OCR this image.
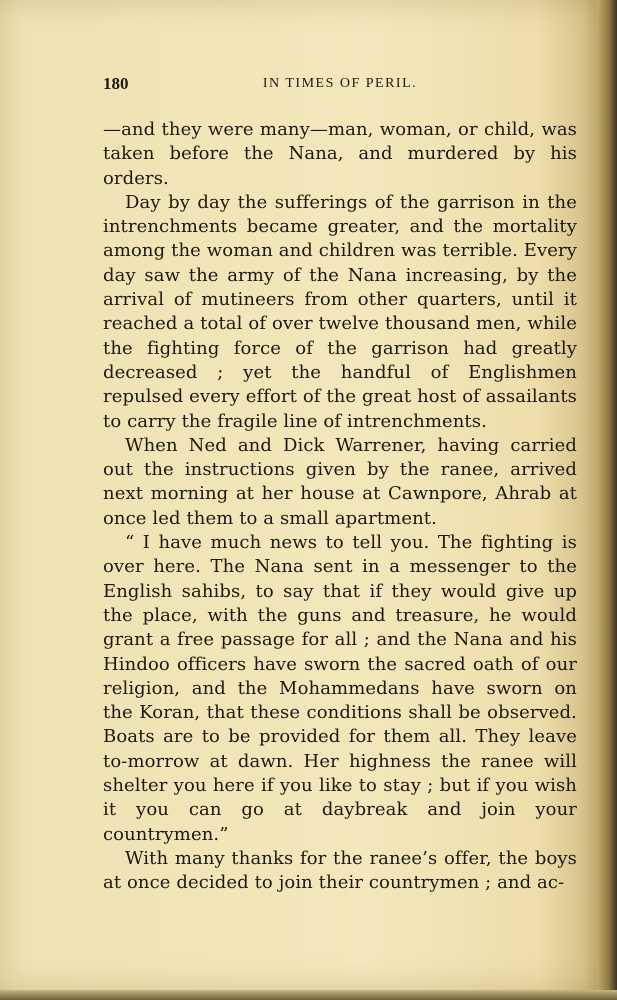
180	IN TIMES OF PERIL.

—and they were many—man, woman, or child, was taken before the Nana, and murdered by his orders.

Day by day the sufferings of the garrison in the intrenchments became greater, and the mortality among the woman and children was terrible. Every day saw the army of the Nana increasing, by the arrival of mutineers from other quarters, until it reached a total of over twelve thousand men, while the fighting force of the garrison had greatly decreased ; yet the handful of Englishmen repulsed every effort of the great host of assailants to carry the fragile line of intrenchments.

When Ned and Dick Warrener, having carried out the instructions given by the ranee, arrived next morning at her house at Cawnpore, Ahrab at once led them to a small apartment.

“ I have much news to tell you. The fighting is over here. The Nana sent in a messenger to the English sahibs, to say that if they would give up the place, with the guns and treasure, he would grant a free passage for all ; and the Nana and his Hindoo officers have sworn the sacred oath of our religion, and the Mohammedans have sworn on the Koran, that these conditions shall be observed. Boats are to be provided for them all. They leave to-morrow at dawn. Her highness the ranee will shelter you here if you like to stay ; but if you wish it you can go at daybreak and join your countrymen.”

With many thanks for the ranee’s offer, the boys at once decided to join their countrymen ; and ac-
